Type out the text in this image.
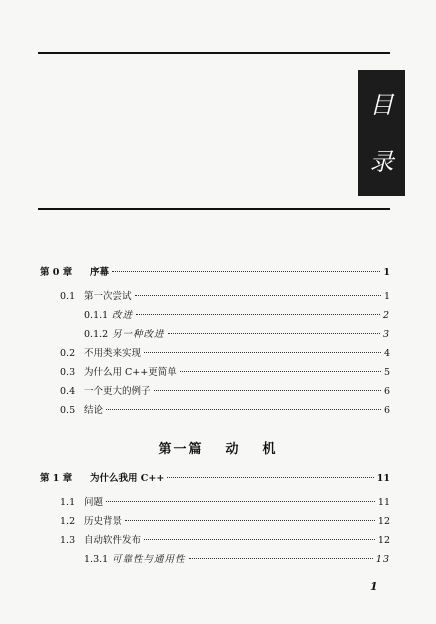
目
录
第 0 章	序幕	1
0.1 第一次尝试	1
0.1.1 改进	2
0.1.2 另一种改进	3
0.2 不用类来实现	4
0.3 为什么用 C++更简单	5
0.4 一个更大的例子	6
0.5 结论	6
第一篇 动 机
第 1 章	为什么我用 C++	11
1.1 问题	11
1.2 历史背景	12
1.3 自动软件发布	12
1.3.1 可靠性与通用性	13
1
